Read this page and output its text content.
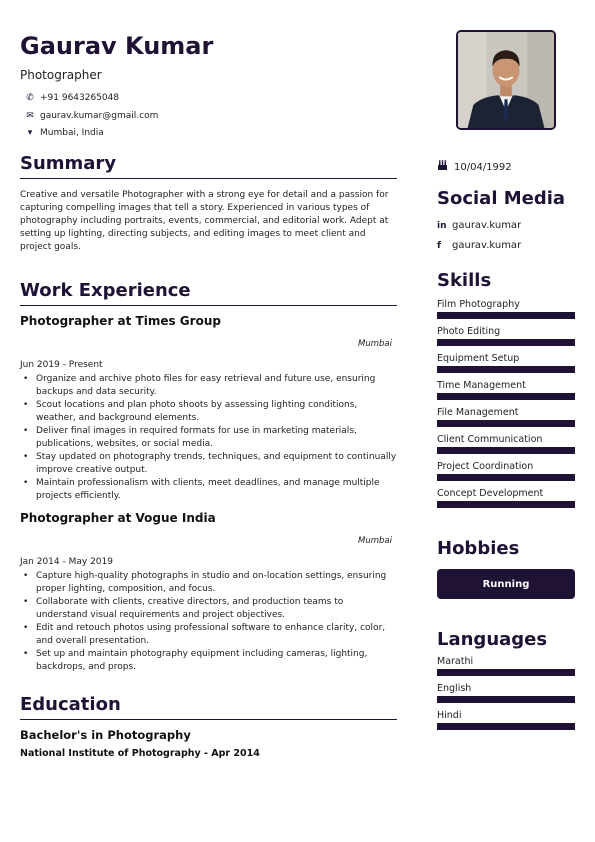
Gaurav Kumar
Photographer
✆ +91 9643265048
✉ gaurav.kumar@gmail.com
▾ Mumbai, India
Summary
Creative and versatile Photographer with a strong eye for detail and a passion for capturing compelling images that tell a story. Experienced in various types of photography including portraits, events, commercial, and editorial work. Adept at setting up lighting, directing subjects, and editing images to meet client and project goals.
Work Experience
Photographer at Times Group
Mumbai
Jun 2019 - Present
• Organize and archive photo files for easy retrieval and future use, ensuring backups and data security.
• Scout locations and plan photo shoots by assessing lighting conditions, weather, and background elements.
• Deliver final images in required formats for use in marketing materials, publications, websites, or social media.
• Stay updated on photography trends, techniques, and equipment to continually improve creative output.
• Maintain professionalism with clients, meet deadlines, and manage multiple projects efficiently.
Photographer at Vogue India
Mumbai
Jan 2014 - May 2019
• Capture high-quality photographs in studio and on-location settings, ensuring proper lighting, composition, and focus.
• Collaborate with clients, creative directors, and production teams to understand visual requirements and project objectives.
• Edit and retouch photos using professional software to enhance clarity, color, and overall presentation.
• Set up and maintain photography equipment including cameras, lighting, backdrops, and props.
Education
Bachelor's in Photography
National Institute of Photography - Apr 2014
10/04/1992
Social Media
in gaurav.kumar
f	gaurav.kumar
Skills
Film Photography
Photo Editing
Equipment Setup
Time Management
File Management
Client Communication
Project Coordination
Concept Development
Hobbies
Running
Languages
Marathi
English
Hindi
